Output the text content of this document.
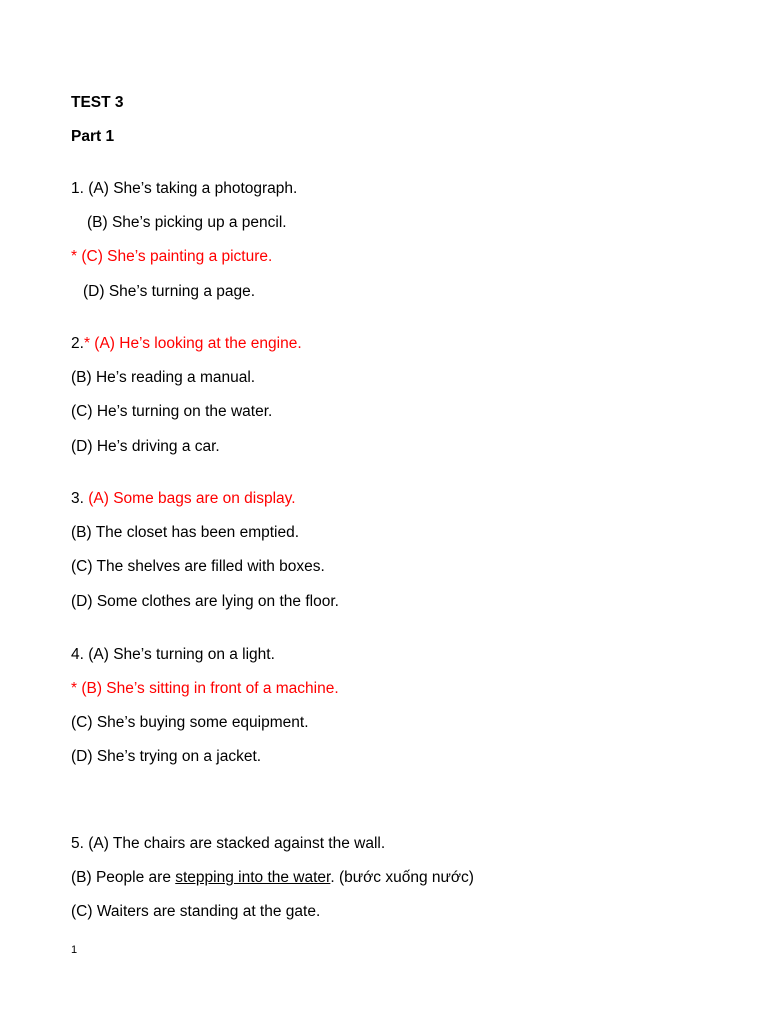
TEST 3
Part 1
1. (A) She’s taking a photograph.
(B) She’s picking up a pencil.
* (C) She’s painting a picture.
(D) She’s turning a page.
2.* (A) He’s looking at the engine.
(B) He’s reading a manual.
(C) He’s turning on the water.
(D) He’s driving a car.
3. (A) Some bags are on display.
(B) The closet has been emptied.
(C) The shelves are filled with boxes.
(D) Some clothes are lying on the floor.
4. (A) She’s turning on a light.
* (B) She’s sitting in front of a machine.
(C) She’s buying some equipment.
(D) She’s trying on a jacket.
5. (A) The chairs are stacked against the wall.
(B) People are stepping into the water. (bước xuống nước)
(C) Waiters are standing at the gate.
1
